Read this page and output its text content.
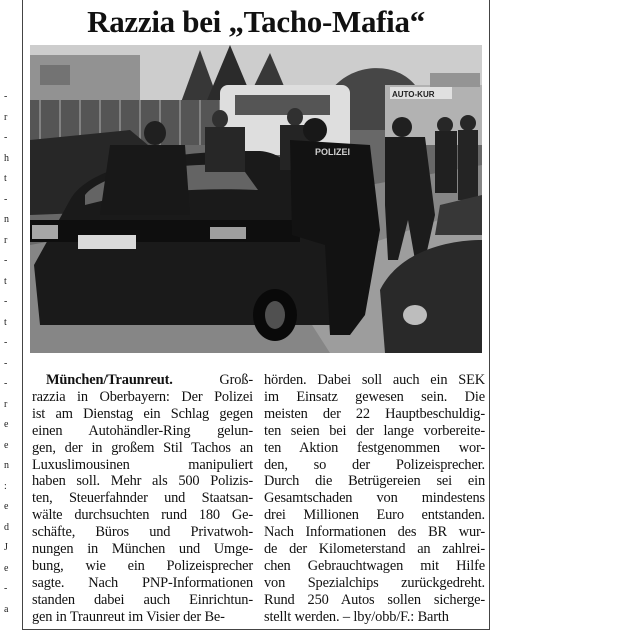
-
r
-
h
t
-
n
r
-
t
-
t
-
-
-
r
e
e
n
:
e
d
J
e
-
a
Razzia bei „Tacho-Mafia“
AUTO-KUR
POLIZEI
München/Traunreut. Groß-
razzia in Oberbayern: Der Polizei
ist am Dienstag ein Schlag gegen
einen Autohändler-Ring gelun-
gen, der in großem Stil Tachos an
Luxuslimousinen manipuliert
haben soll. Mehr als 500 Polizis-
ten, Steuerfahnder und Staatsan-
wälte durchsuchten rund 180 Ge-
schäfte, Büros und Privatwoh-
nungen in München und Umge-
bung, wie ein Polizeisprecher
sagte. Nach PNP-Informationen
standen dabei auch Einrichtun-
gen in Traunreut im Visier der Be-
hörden. Dabei soll auch ein SEK
im Einsatz gewesen sein. Die
meisten der 22 Hauptbeschuldig-
ten seien bei der lange vorbereite-
ten Aktion festgenommen wor-
den, so der Polizeisprecher.
Durch die Betrügereien sei ein
Gesamtschaden von mindestens
drei Millionen Euro entstanden.
Nach Informationen des BR wur-
de der Kilometerstand an zahlrei-
chen Gebrauchtwagen mit Hilfe
von Spezialchips zurückgedreht.
Rund 250 Autos sollen sicherge-
stellt werden. – lby/obb/F.: Barth
